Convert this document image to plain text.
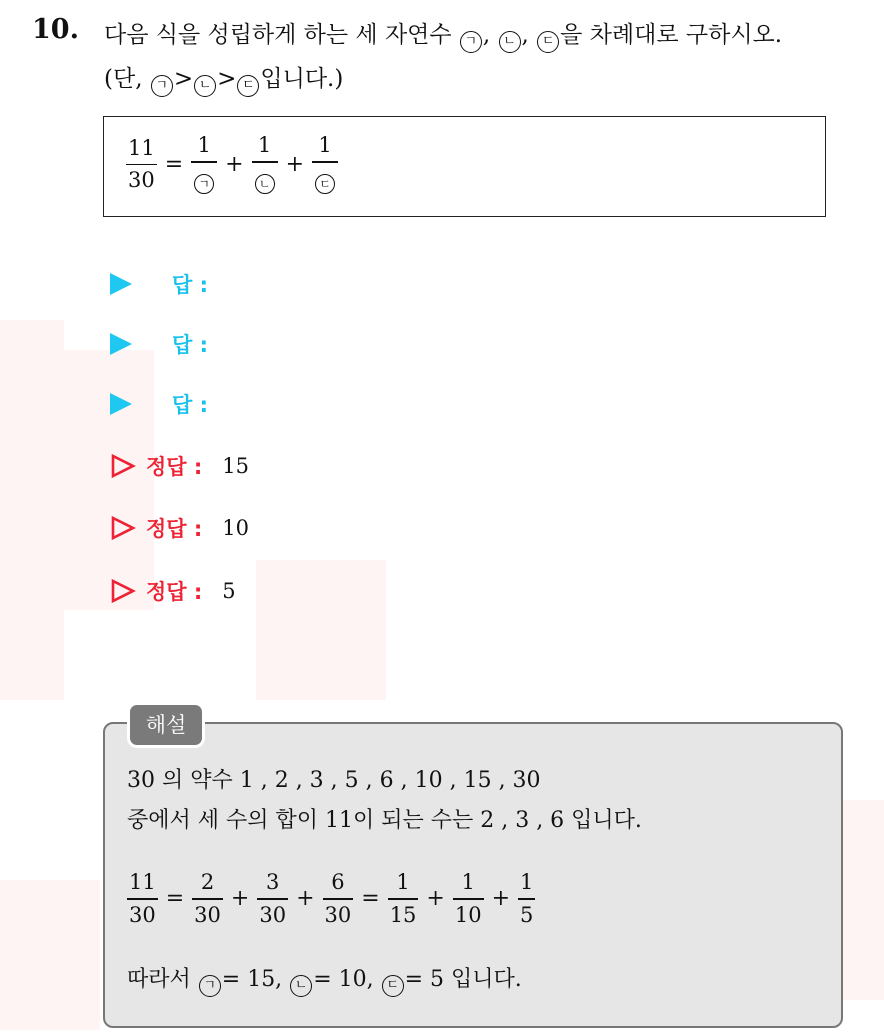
10. 다음 식을 성립하게 하는 세 자연수 ㄱ , ㄴ , ㄷ 을 차례대로 구하시오.
(단, ㄱ > ㄴ > ㄷ 입니다.)
$\frac{11}{30} = \frac{1}{\text{ㄱ}} + \frac{1}{\text{ㄴ}} + \frac{1}{\text{ㄷ}}$
답 :
답 :
답 :
정답 : 15
정답 : 10
정답 : 5
해설
30 의 약수 1 , 2 , 3 , 5 , 6 , 10 , 15 , 30
중에서 세 수의 합이 11이 되는 수는 2 , 3 , 6 입니다.
$\frac{11}{30} = \frac{2}{30} + \frac{3}{30} + \frac{6}{30} = \frac{1}{15} + \frac{1}{10} + \frac{1}{5}$
따라서 ㄱ = 15, ㄴ = 10, ㄷ = 5 입니다.
